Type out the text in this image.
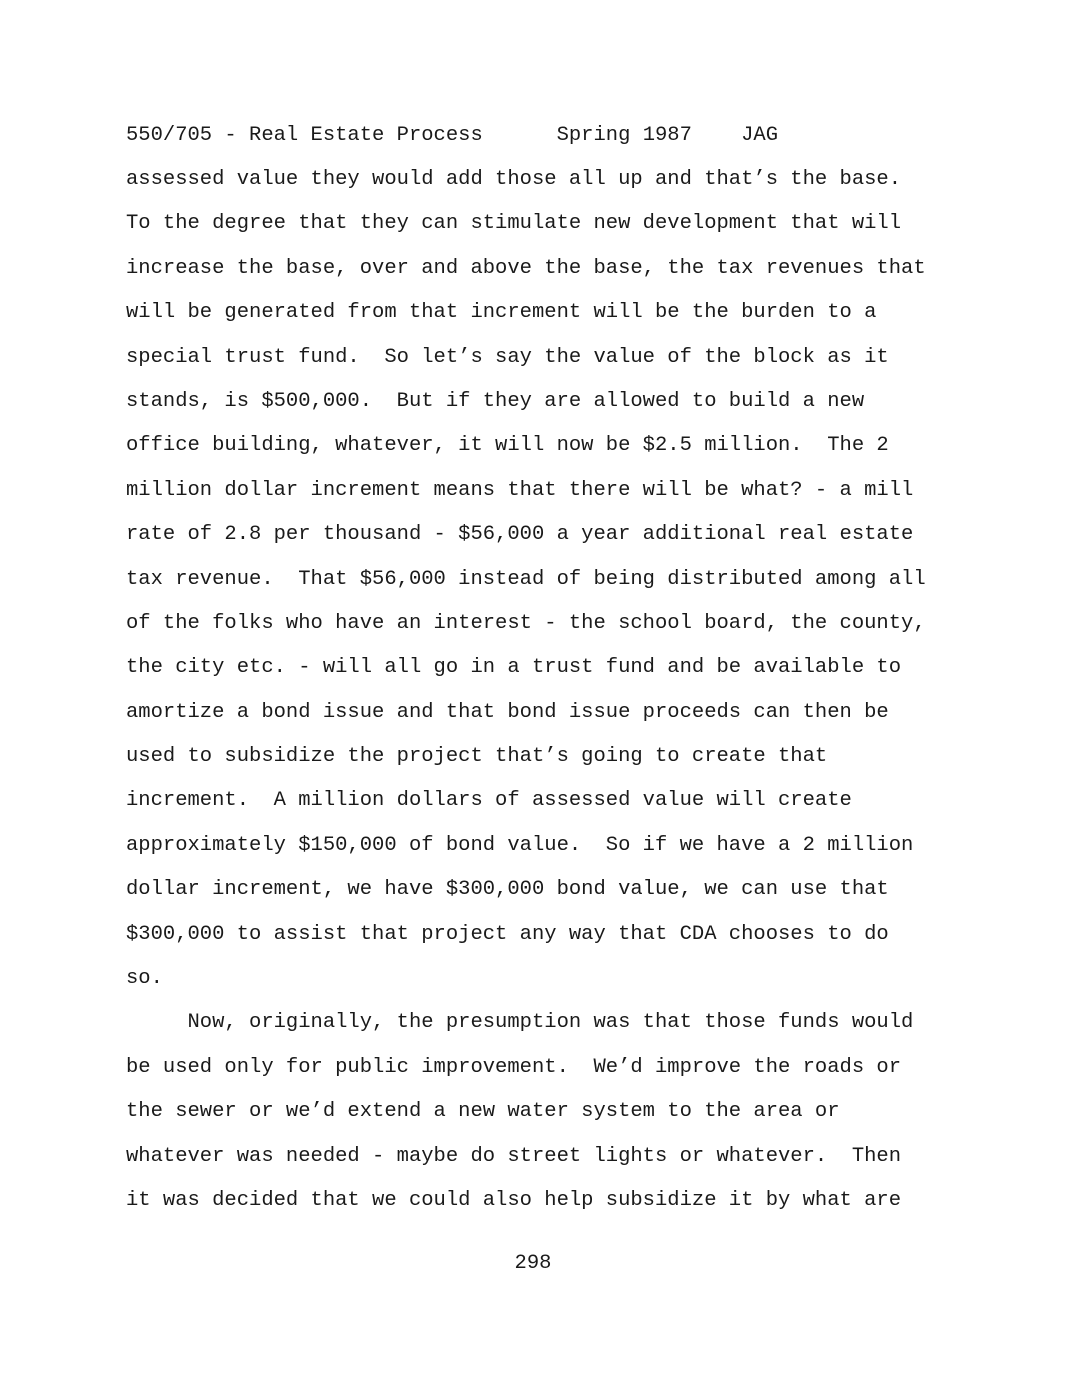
550/705 - Real Estate Process	Spring 1987 JAG
assessed value they would add those all up and that’s the base.
To the degree that they can stimulate new development that will
increase the base, over and above the base, the tax revenues that
will be generated from that increment will be the burden to a
special trust fund.  So let’s say the value of the block as it
stands, is $500,000.  But if they are allowed to build a new
office building, whatever, it will now be $2.5 million.  The 2
million dollar increment means that there will be what? - a mill
rate of 2.8 per thousand - $56,000 a year additional real estate
tax revenue.  That $56,000 instead of being distributed among all
of the folks who have an interest - the school board, the county,
the city etc. - will all go in a trust fund and be available to
amortize a bond issue and that bond issue proceeds can then be
used to subsidize the project that’s going to create that
increment.  A million dollars of assessed value will create
approximately $150,000 of bond value.  So if we have a 2 million
dollar increment, we have $300,000 bond value, we can use that
$300,000 to assist that project any way that CDA chooses to do
so.
Now, originally, the presumption was that those funds would
be used only for public improvement.  We’d improve the roads or
the sewer or we’d extend a new water system to the area or
whatever was needed - maybe do street lights or whatever.  Then
it was decided that we could also help subsidize it by what are
298
